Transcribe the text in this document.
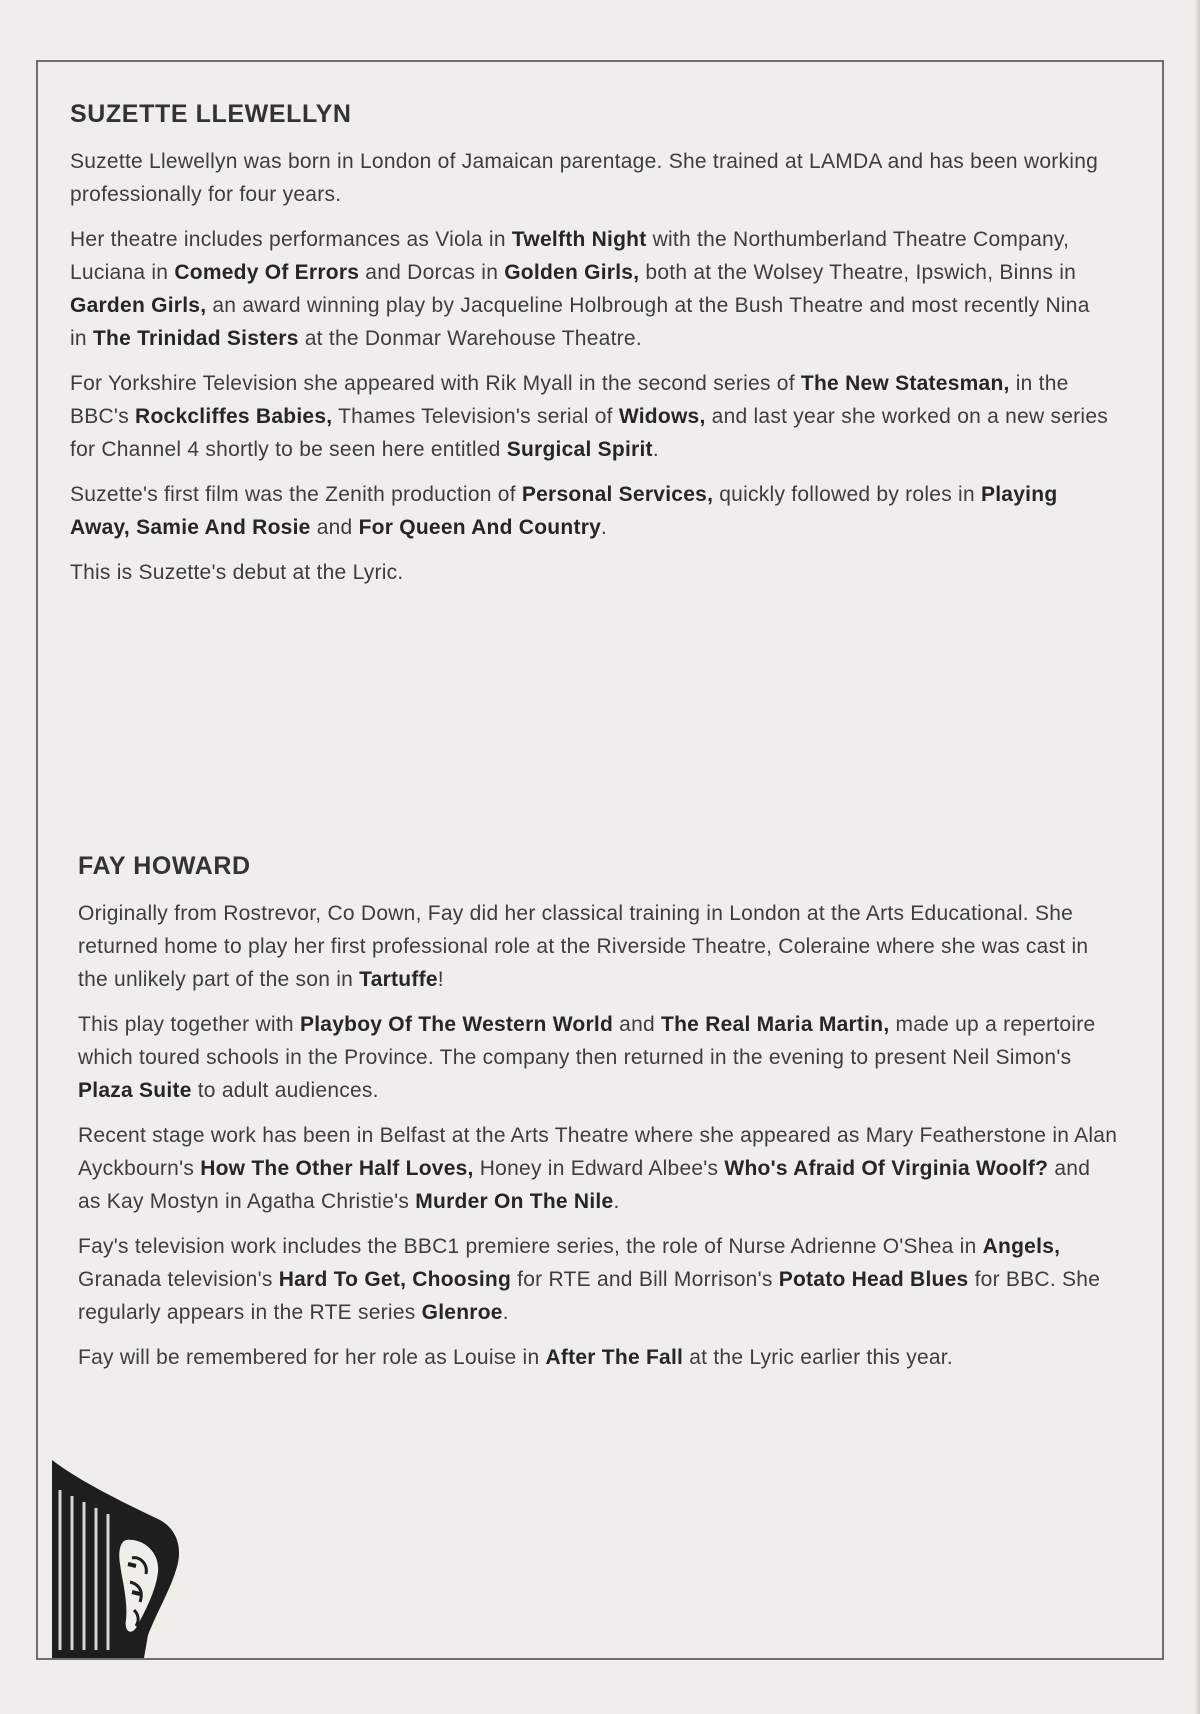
SUZETTE LLEWELLYN

Suzette Llewellyn was born in London of Jamaican parentage. She trained at LAMDA and has been working professionally for four years.

Her theatre includes performances as Viola in Twelfth Night with the Northumberland Theatre Company, Luciana in Comedy Of Errors and Dorcas in Golden Girls, both at the Wolsey Theatre, Ipswich, Binns in Garden Girls, an award winning play by Jacqueline Holbrough at the Bush Theatre and most recently Nina in The Trinidad Sisters at the Donmar Warehouse Theatre.

For Yorkshire Television she appeared with Rik Myall in the second series of The New Statesman, in the BBC's Rockcliffes Babies, Thames Television's serial of Widows, and last year she worked on a new series for Channel 4 shortly to be seen here entitled Surgical Spirit.

Suzette's first film was the Zenith production of Personal Services, quickly followed by roles in Playing Away, Samie And Rosie and For Queen And Country.

This is Suzette's debut at the Lyric.

FAY HOWARD

Originally from Rostrevor, Co Down, Fay did her classical training in London at the Arts Educational. She returned home to play her first professional role at the Riverside Theatre, Coleraine where she was cast in the unlikely part of the son in Tartuffe!

This play together with Playboy Of The Western World and The Real Maria Martin, made up a repertoire which toured schools in the Province. The company then returned in the evening to present Neil Simon's Plaza Suite to adult audiences.

Recent stage work has been in Belfast at the Arts Theatre where she appeared as Mary Featherstone in Alan Ayckbourn's How The Other Half Loves, Honey in Edward Albee's Who's Afraid Of Virginia Woolf? and as Kay Mostyn in Agatha Christie's Murder On The Nile.

Fay's television work includes the BBC1 premiere series, the role of Nurse Adrienne O'Shea in Angels, Granada television's Hard To Get, Choosing for RTE and Bill Morrison's Potato Head Blues for BBC. She regularly appears in the RTE series Glenroe.

Fay will be remembered for her role as Louise in After The Fall at the Lyric earlier this year.
